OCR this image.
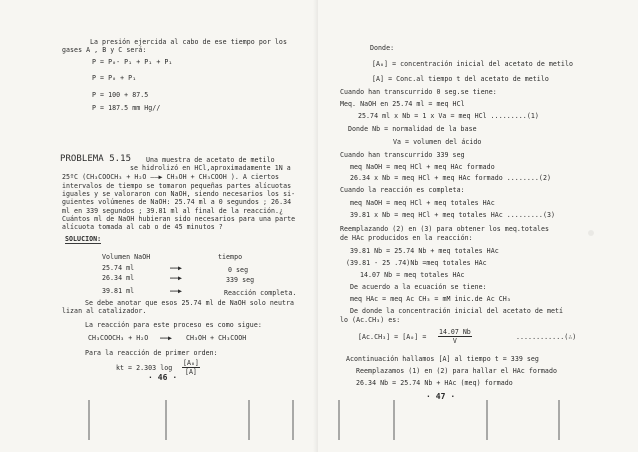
La presión ejercida al cabo de ese tiempo por los
gases A , B y C será:
P = P₀- P₁ + P₁ + P₁
P = P₀ + P₁
P = 100 + 87.5
P = 187.5 mm Hg//
PROBLEMA 5.15 Una muestra de acetato de metilo
se hidrolizó en HCl,aproximadamente 1N a
25ºC (CH₃COOCH₃ + H₂O ——▶ CH₃OH + CH₃COOH ). A ciertos
intervalos de tiempo se tomaron pequeñas partes alícuotas
iguales y se valoraron con NaOH, siendo necesarios los si-
guientes volúmenes de NaOH: 25.74 ml a 0 segundos ; 26.34
ml en 339 segundos ; 39.81 ml al final de la reacción.¿
Cuántos ml de NaOH hubieran sido necesarios para una parte
alícuota tomada al cab o de 45 minutos ?
SOLUCION:
Volumen NaOH	tiempo
25.74 ml	——▶	0 seg
26.34 ml	——▶	339 seg
39.81 ml	——▶	Reacción completa.
Se debe anotar que esos 25.74 ml de NaOH solo neutra
lizan al catalizador.
La reacción para este proceso es como sigue:
CH₃COOCH₃ + H₂O ——▶ CH₃OH + CH₃COOH
Para la reacción de primer orden:
kt = 2.303 $\log \frac{\text{[A₀]}}{[A]}$
· 46 ·
Donde:
[A₀] = concentración inicial del acetato de metilo
[A] = Conc.al tiempo t del acetato de metilo
Cuando han transcurrido 0 seg.se tiene:
Meq. NaOH en 25.74 ml = meq HCl
25.74 ml x Nb = 1 x Va = meq HCl .........(1)
Donde Nb = normalidad de la base
Va = volumen del ácido
Cuando han transcurrido 339 seg
meq NaOH = meq HCl + meq HAc formado
26.34 x Nb = meq HCl + meq HAc formado ........(2)
Cuando la reacción es completa:
meq NaOH = meq HCl + meq totales HAc
39.81 x Nb = meq HCl + meq totales HAc .........(3)
Reemplazando (2) en (3) para obtener los meq.totales
de HAc producidos en la reacción:
39.81 Nb = 25.74 Nb + meq totales HAc
(39.81 - 25 .74)Nb =meq totales HAc
14.07 Nb = meq totales HAc
De acuerdo a la ecuación se tiene:
meq HAc = meq Ac CH₃ = mM inic.de Ac CH₃
De donde la concentración inicial del acetato de metí
lo (Ac.CH₃) es:
$[Ac.CH_3] = [A_0] = \frac{14.07 Nb}{V}$	............(∴)
Acontinuación hallamos [A] al tiempo t = 339 seg
Reemplazamos (1) en (2) para hallar el HAc formado
26.34 Nb = 25.74 Nb + HAc (meq) formado
· 47 ·
